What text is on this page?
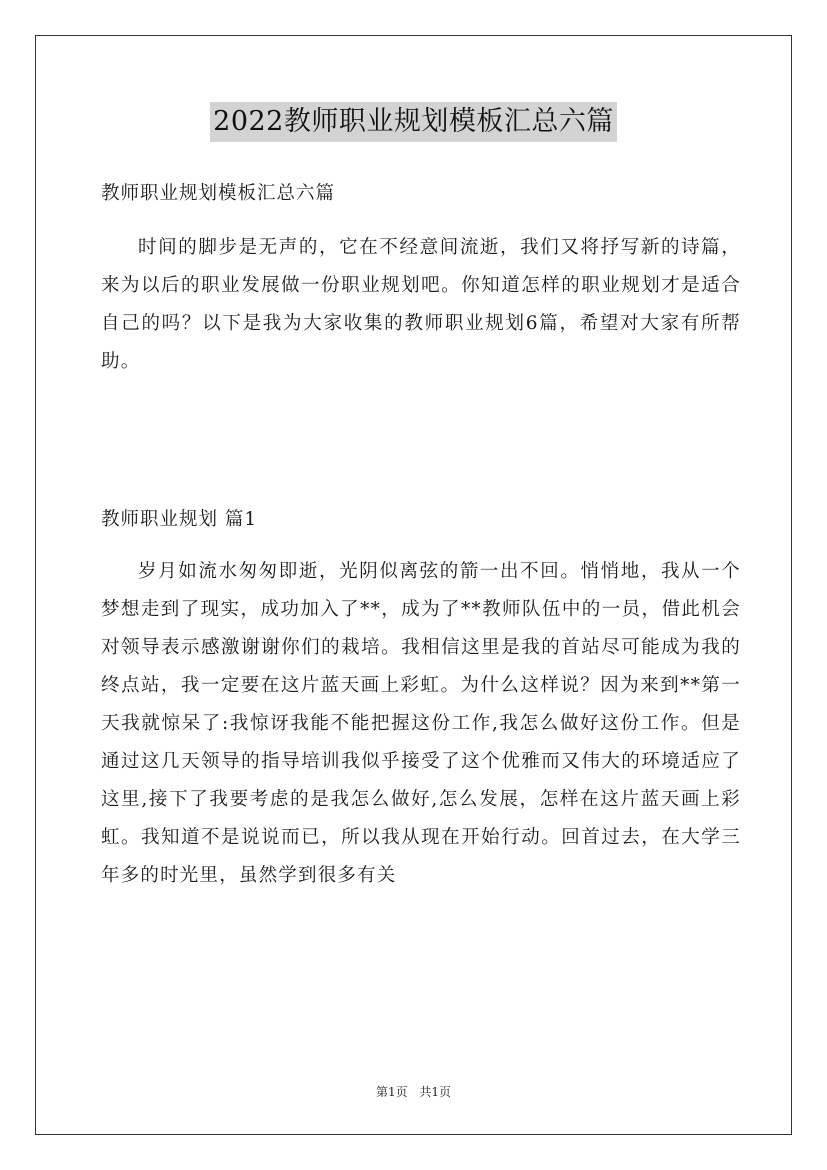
2022教师职业规划模板汇总六篇
教师职业规划模板汇总六篇

时间的脚步是无声的，它在不经意间流逝，我们又将抒写新的诗篇，来为以后的职业发展做一份职业规划吧。你知道怎样的职业规划才是适合自己的吗？以下是我为大家收集的教师职业规划6篇，希望对大家有所帮助。

教师职业规划 篇1

岁月如流水匆匆即逝，光阴似离弦的箭一出不回。悄悄地，我从一个梦想走到了现实，成功加入了**，成为了**教师队伍中的一员，借此机会对领导表示感激谢谢你们的栽培。我相信这里是我的首站尽可能成为我的终点站，我一定要在这片蓝天画上彩虹。为什么这样说？因为来到**第一天我就惊呆了:我惊讶我能不能把握这份工作,我怎么做好这份工作。但是通过这几天领导的指导培训我似乎接受了这个优雅而又伟大的环境适应了这里,接下了我要考虑的是我怎么做好,怎么发展，怎样在这片蓝天画上彩虹。我知道不是说说而已，所以我从现在开始行动。回首过去，在大学三年多的时光里，虽然学到很多有关

第1页 共1页
